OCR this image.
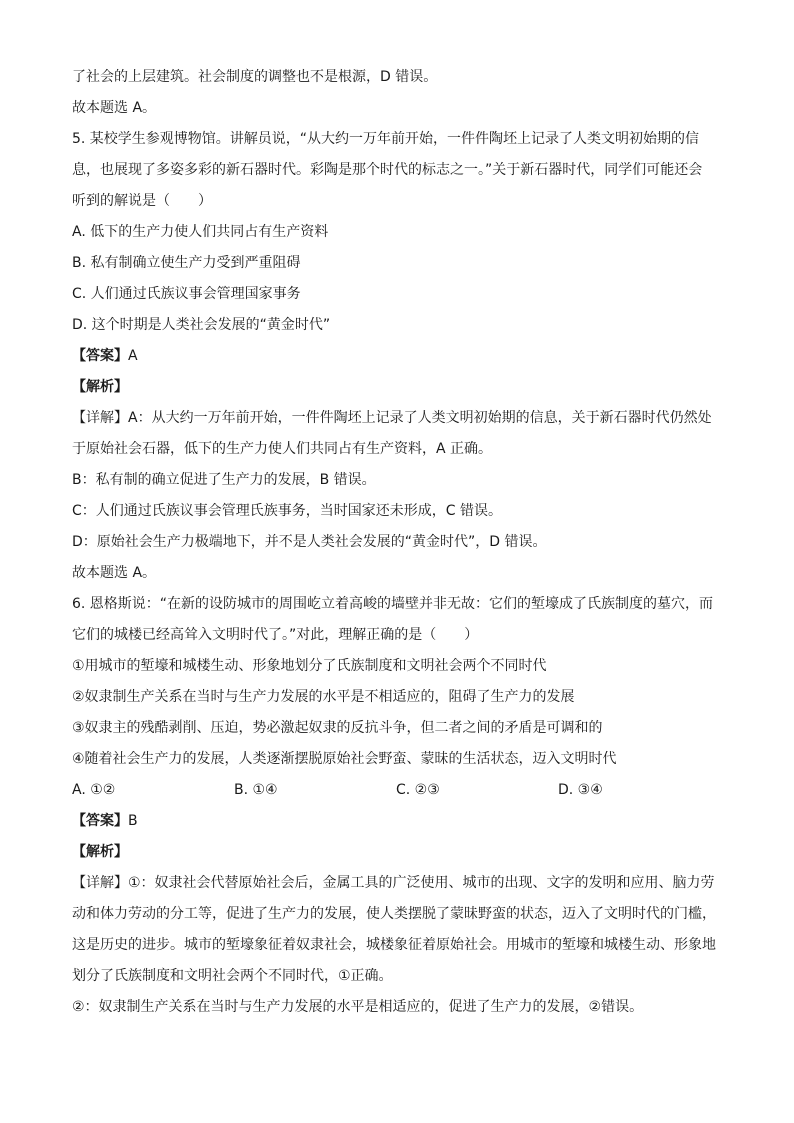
了社会的上层建筑。社会制度的调整也不是根源，D 错误。
故本题选 A。
5. 某校学生参观博物馆。讲解员说，“从大约一万年前开始，一件件陶坯上记录了人类文明初始期的信
息，也展现了多姿多彩的新石器时代。彩陶是那个时代的标志之一。”关于新石器时代，同学们可能还会
听到的解说是（　　）
A. 低下的生产力使人们共同占有生产资料
B. 私有制确立使生产力受到严重阻碍
C. 人们通过氏族议事会管理国家事务
D. 这个时期是人类社会发展的“黄金时代”
【答案】A
【解析】
【详解】A：从大约一万年前开始，一件件陶坯上记录了人类文明初始期的信息，关于新石器时代仍然处
于原始社会石器，低下的生产力使人们共同占有生产资料，A 正确。
B：私有制的确立促进了生产力的发展，B 错误。
C：人们通过氏族议事会管理氏族事务，当时国家还未形成，C 错误。
D：原始社会生产力极端地下，并不是人类社会发展的“黄金时代”，D 错误。
故本题选 A。
6. 恩格斯说：“在新的设防城市的周围屹立着高峻的墙壁并非无故：它们的堑壕成了氏族制度的墓穴，而
它们的城楼已经高耸入文明时代了。”对此，理解正确的是（　　）
①用城市的堑壕和城楼生动、形象地划分了氏族制度和文明社会两个不同时代
②奴隶制生产关系在当时与生产力发展的水平是不相适应的，阻碍了生产力的发展
③奴隶主的残酷剥削、压迫，势必激起奴隶的反抗斗争，但二者之间的矛盾是可调和的
④随着社会生产力的发展，人类逐渐摆脱原始社会野蛮、蒙昧的生活状态，迈入文明时代
A. ①②	B. ①④	C. ②③	D. ③④
【答案】B
【解析】
【详解】①：奴隶社会代替原始社会后，金属工具的广泛使用、城市的出现、文字的发明和应用、脑力劳
动和体力劳动的分工等，促进了生产力的发展，使人类摆脱了蒙昧野蛮的状态，迈入了文明时代的门槛，
这是历史的进步。城市的堑壕象征着奴隶社会，城楼象征着原始社会。用城市的堑壕和城楼生动、形象地
划分了氏族制度和文明社会两个不同时代，①正确。
②：奴隶制生产关系在当时与生产力发展的水平是相适应的，促进了生产力的发展，②错误。
